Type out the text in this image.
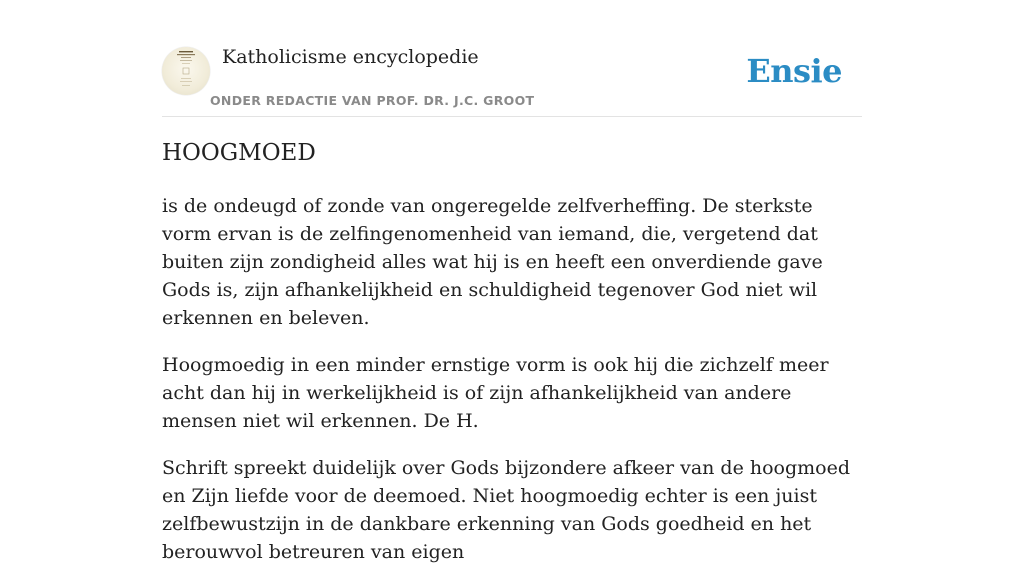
Katholicisme encyclopedie
ONDER REDACTIE VAN PROF. DR. J.C. GROOT
Ensie
HOOGMOED

is de ondeugd of zonde van ongeregelde zelfverheffing. De sterkste vorm ervan is de zelfingenomenheid van iemand, die, vergetend dat buiten zijn zondigheid alles wat hij is en heeft een onverdiende gave Gods is, zijn afhankelijkheid en schuldigheid tegenover God niet wil erkennen en beleven.

Hoogmoedig in een minder ernstige vorm is ook hij die zichzelf meer acht dan hij in werkelijkheid is of zijn afhankelijkheid van andere mensen niet wil erkennen. De H.

Schrift spreekt duidelijk over Gods bijzondere afkeer van de hoogmoed en Zijn liefde voor de deemoed. Niet hoogmoedig echter is een juist zelfbewustzijn in de dankbare erkenning van Gods goedheid en het berouwvol betreuren van eigen
